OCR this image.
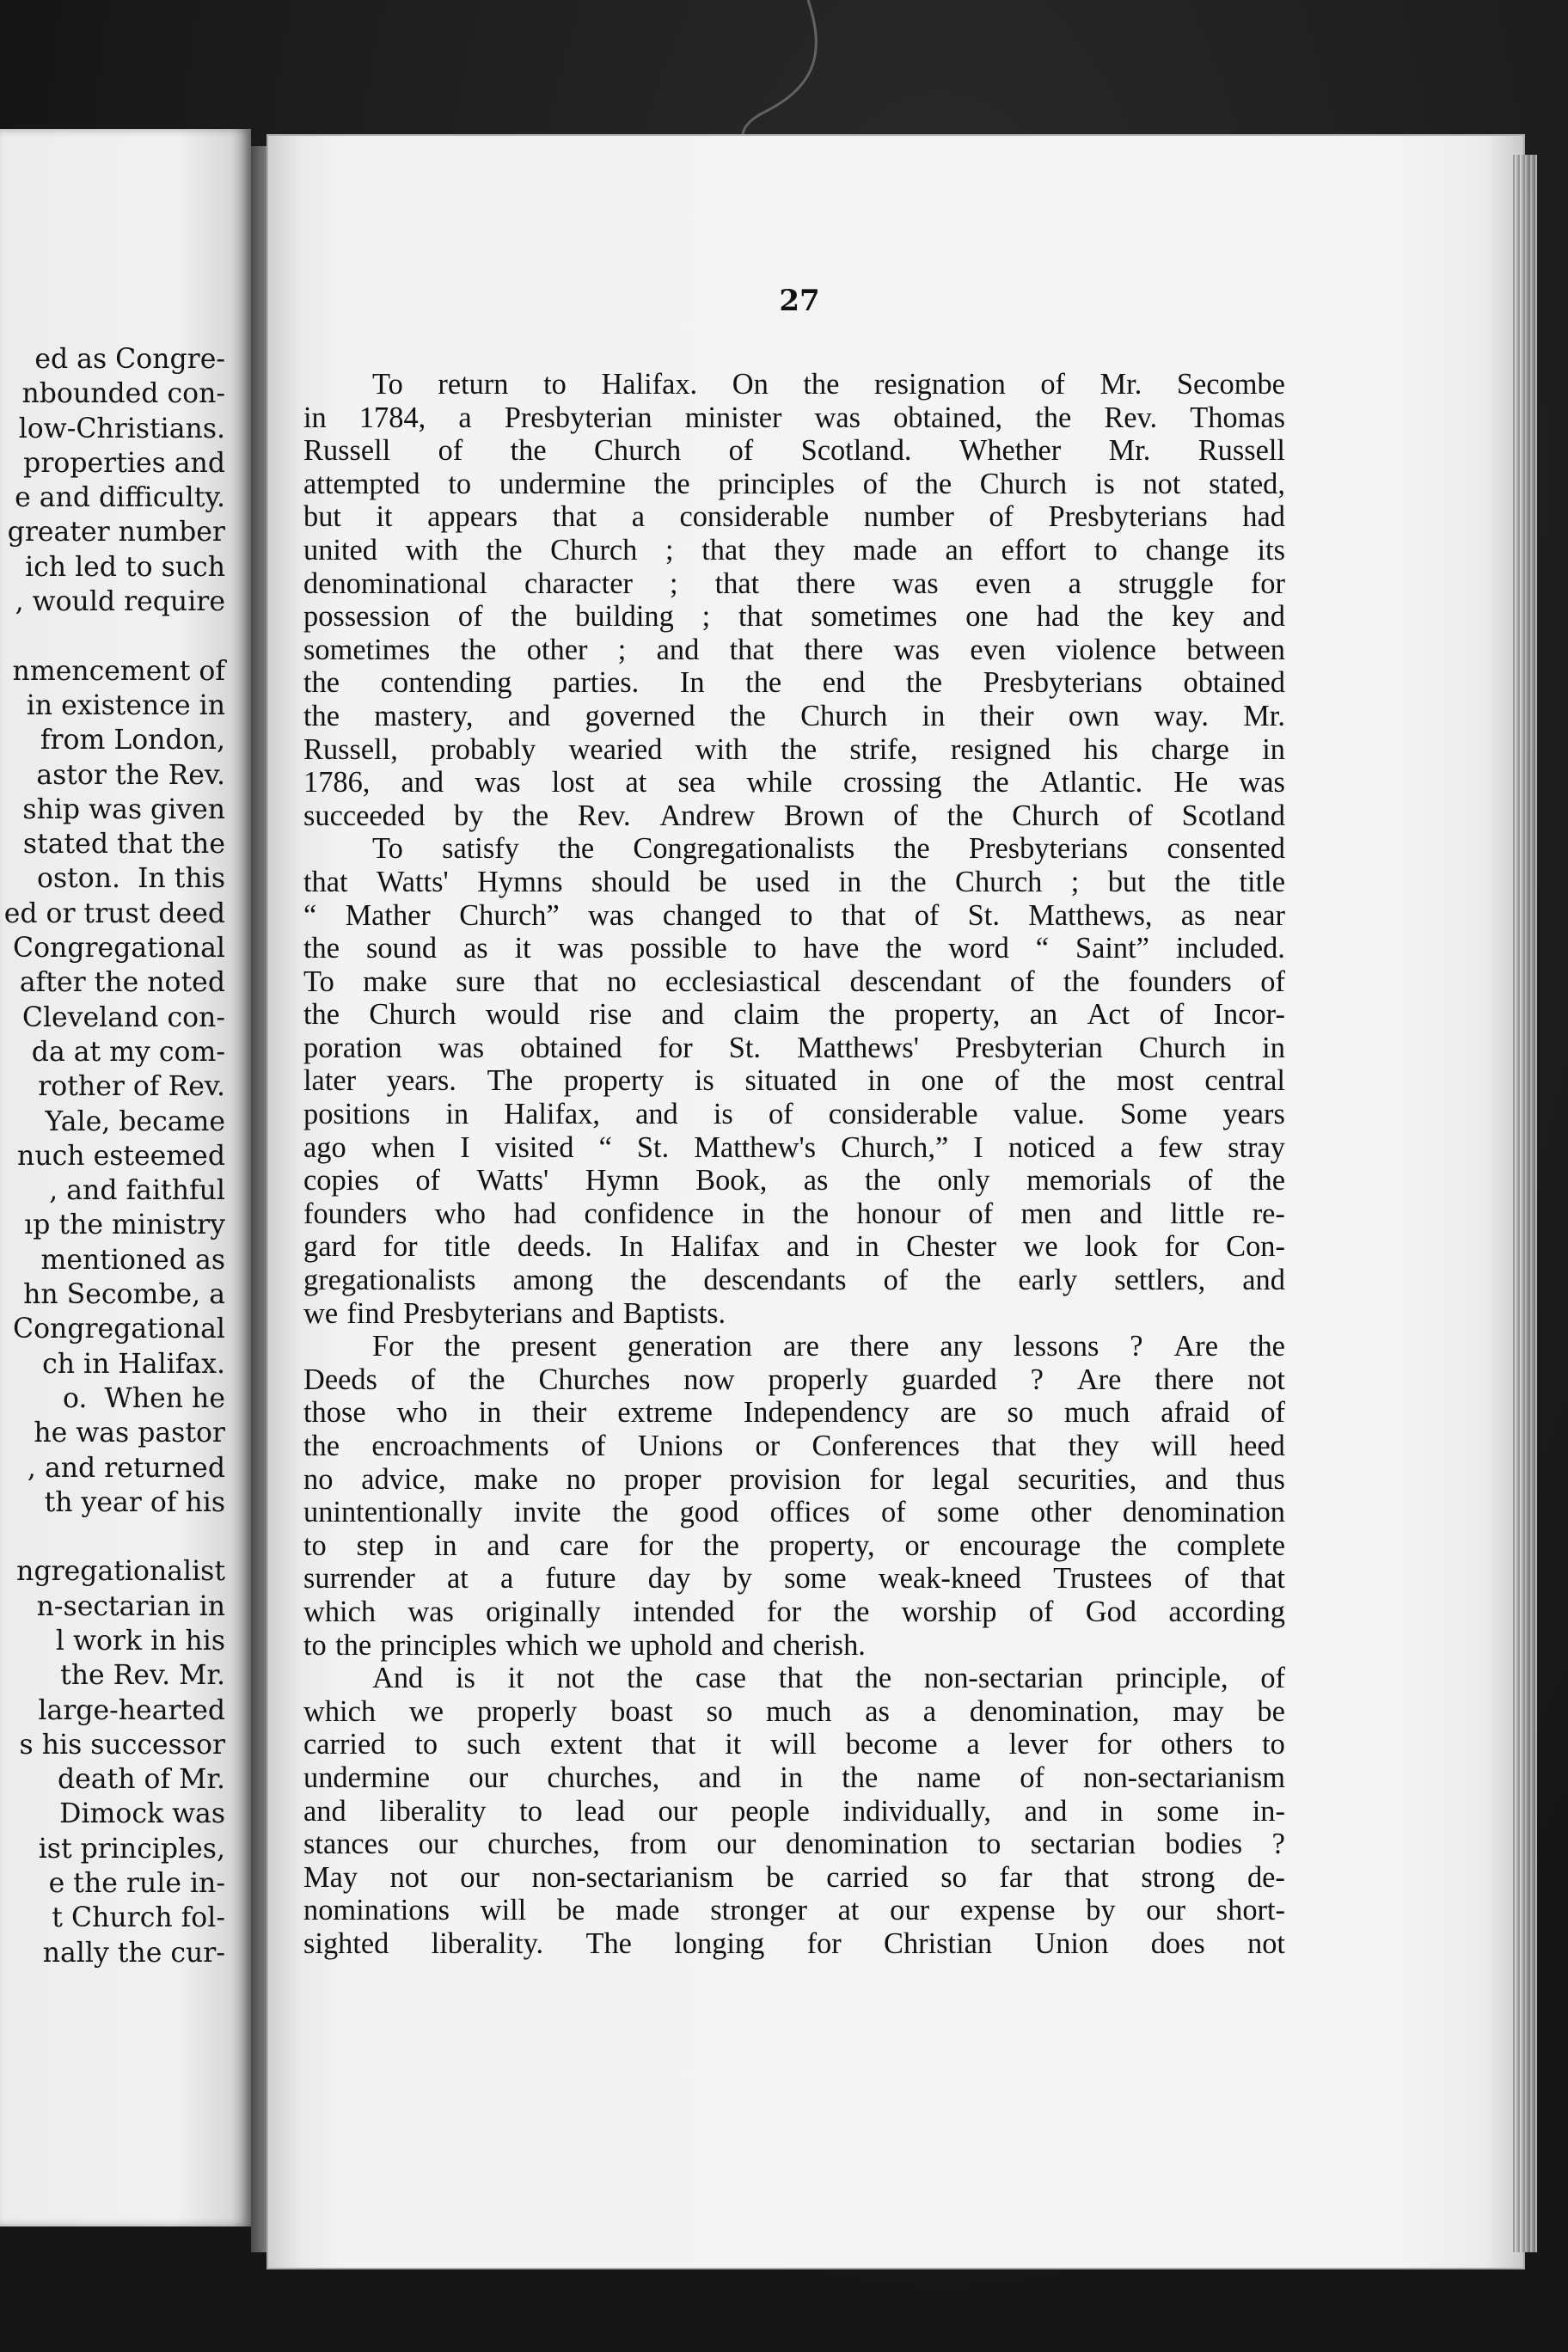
ed as Congre-
nbounded con-
low-Christians.
properties and
e and difficulty.
greater number
ich led to such
, would require
nmencement of
in existence in
from London,
astor the Rev.
ship was given
stated that the
oston.  In this
ed or trust deed
Congregational
after the noted
Cleveland con-
da at my com-
rother of Rev.
Yale, became
nuch esteemed
, and faithful
ıp the ministry
mentioned as
hn Secombe, a
Congregational
ch in Halifax.
o.  When he
he was pastor
, and returned
th year of his
ngregationalist
n-sectarian in
l work in his
the Rev. Mr.
large-hearted
s his successor
death of Mr.
Dimock was
ist principles,
e the rule in-
t Church fol-
nally the cur-
27
To return to Halifax. On the resignation of Mr. Secombe
in 1784, a Presbyterian minister was obtained, the Rev. Thomas
Russell of the Church of Scotland. Whether Mr. Russell
attempted to undermine the principles of the Church is not stated,
but it appears that a considerable number of Presbyterians had
united with the Church ; that they made an effort to change its
denominational character ; that there was even a struggle for
possession of the building ; that sometimes one had the key and
sometimes the other ; and that there was even violence between
the contending parties. In the end the Presbyterians obtained
the mastery, and governed the Church in their own way. Mr.
Russell, probably wearied with the strife, resigned his charge in
1786, and was lost at sea while crossing the Atlantic. He was
succeeded by the Rev. Andrew Brown of the Church of Scotland
To satisfy the Congregationalists the Presbyterians consented
that Watts' Hymns should be used in the Church ; but the title
“ Mather Church” was changed to that of St. Matthews, as near
the sound as it was possible to have the word “ Saint” included.
To make sure that no ecclesiastical descendant of the founders of
the Church would rise and claim the property, an Act of Incor-
poration was obtained for St. Matthews' Presbyterian Church in
later years. The property is situated in one of the most central
positions in Halifax, and is of considerable value. Some years
ago when I visited “ St. Matthew's Church,” I noticed a few stray
copies of Watts' Hymn Book, as the only memorials of the
founders who had confidence in the honour of men and little re-
gard for title deeds. In Halifax and in Chester we look for Con-
gregationalists among the descendants of the early settlers, and
we find Presbyterians and Baptists.
For the present generation are there any lessons ? Are the
Deeds of the Churches now properly guarded ? Are there not
those who in their extreme Independency are so much afraid of
the encroachments of Unions or Conferences that they will heed
no advice, make no proper provision for legal securities, and thus
unintentionally invite the good offices of some other denomination
to step in and care for the property, or encourage the complete
surrender at a future day by some weak-kneed Trustees of that
which was originally intended for the worship of God according
to the principles which we uphold and cherish.
And is it not the case that the non-sectarian principle, of
which we properly boast so much as a denomination, may be
carried to such extent that it will become a lever for others to
undermine our churches, and in the name of non-sectarianism
and liberality to lead our people individually, and in some in-
stances our churches, from our denomination to sectarian bodies ?
May not our non-sectarianism be carried so far that strong de-
nominations will be made stronger at our expense by our short-
sighted liberality. The longing for Christian Union does not
